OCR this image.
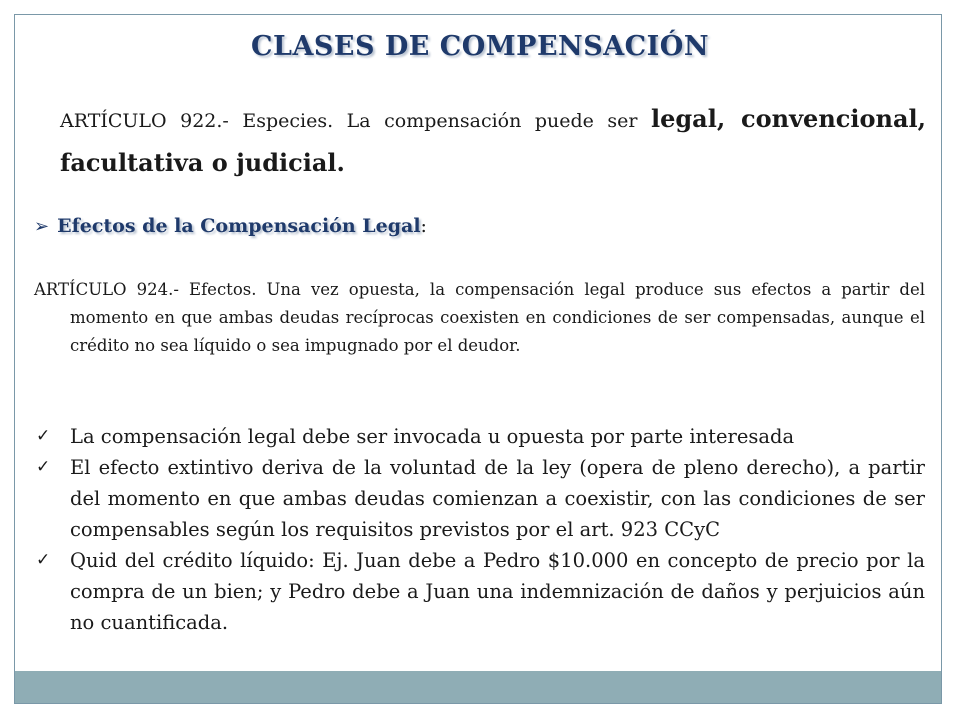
CLASES DE COMPENSACIÓN
ARTÍCULO 922.- Especies. La compensación puede ser legal, convencional, facultativa o judicial.
➢ Efectos de la Compensación Legal:
ARTÍCULO 924.- Efectos. Una vez opuesta, la compensación legal produce sus efectos a partir del momento en que ambas deudas recíprocas coexisten en condiciones de ser compensadas, aunque el crédito no sea líquido o sea impugnado por el deudor.
✓ La compensación legal debe ser invocada u opuesta por parte interesada
✓ El efecto extintivo deriva de la voluntad de la ley (opera de pleno derecho), a partir del momento en que ambas deudas comienzan a coexistir, con las condiciones de ser compensables según los requisitos previstos por el art. 923 CCyC
✓ Quid del crédito líquido: Ej. Juan debe a Pedro $10.000 en concepto de precio por la compra de un bien; y Pedro debe a Juan una indemnización de daños y perjuicios aún no cuantificada.
